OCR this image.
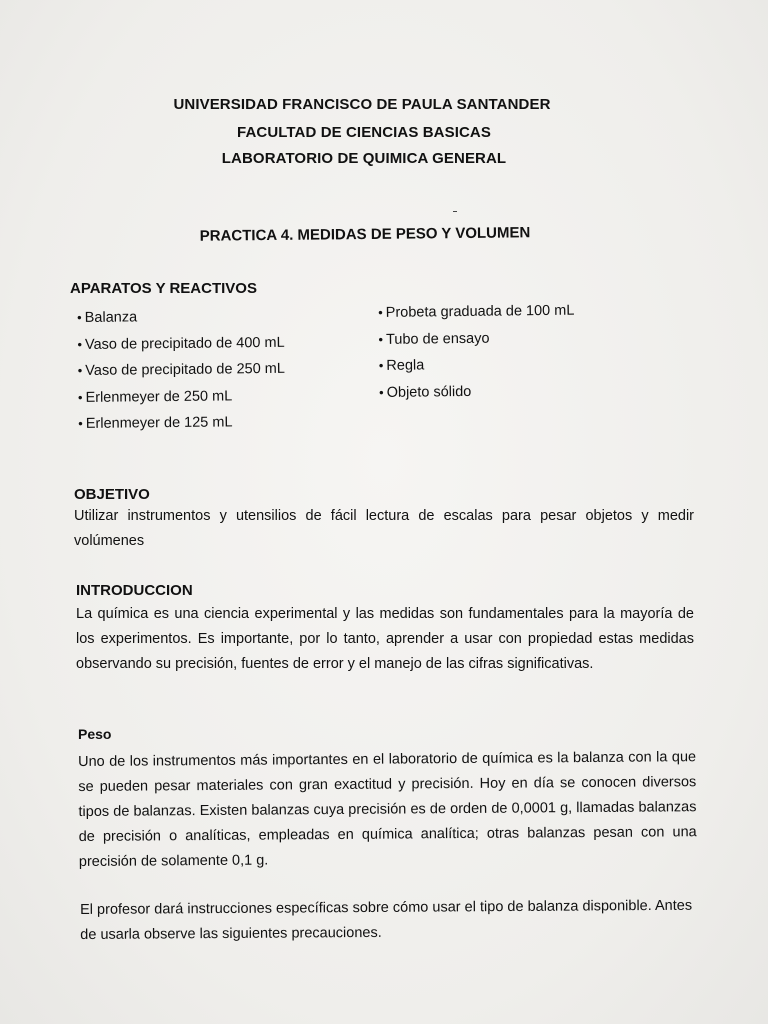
UNIVERSIDAD FRANCISCO DE PAULA SANTANDER
FACULTAD DE CIENCIAS BASICAS
LABORATORIO DE QUIMICA GENERAL
PRACTICA 4. MEDIDAS DE PESO Y VOLUMEN
APARATOS Y REACTIVOS
• Balanza
• Vaso de precipitado de 400 mL
• Vaso de precipitado de 250 mL
• Erlenmeyer de 250 mL
• Erlenmeyer de 125 mL
• Probeta graduada de 100 mL
• Tubo de ensayo
• Regla
• Objeto sólido
OBJETIVO
Utilizar instrumentos y utensilios de fácil lectura de escalas para pesar objetos y medir volúmenes
INTRODUCCION
La química es una ciencia experimental y las medidas son fundamentales para la mayoría de los experimentos. Es importante, por lo tanto, aprender a usar con propiedad estas medidas observando su precisión, fuentes de error y el manejo de las cifras significativas.
Peso
Uno de los instrumentos más importantes en el laboratorio de química es la balanza con la que se pueden pesar materiales con gran exactitud y precisión. Hoy en día se conocen diversos tipos de balanzas. Existen balanzas cuya precisión es de orden de 0,0001 g, llamadas balanzas de precisión o analíticas, empleadas en química analítica; otras balanzas pesan con una precisión de solamente 0,1 g.
El profesor dará instrucciones específicas sobre cómo usar el tipo de balanza disponible. Antes de usarla observe las siguientes precauciones.
